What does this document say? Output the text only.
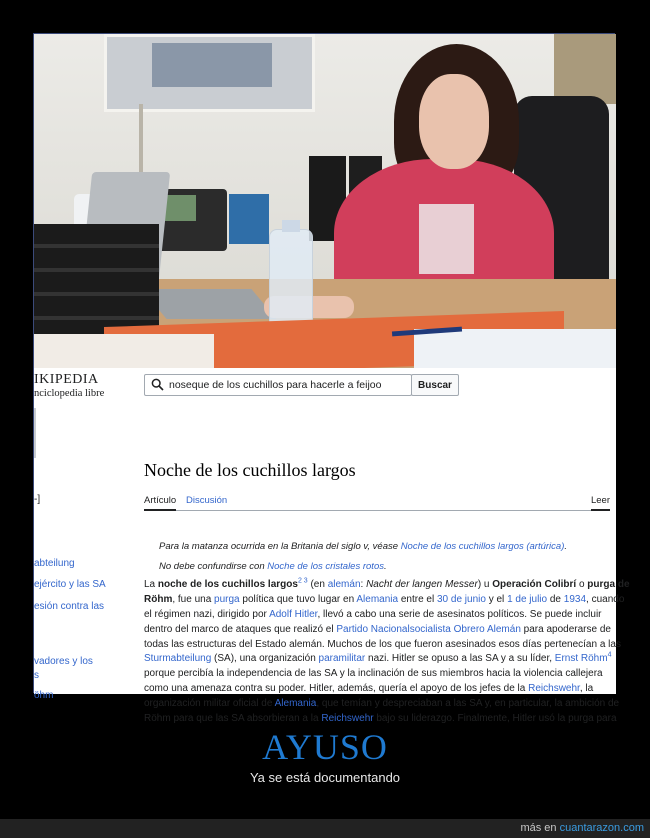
IKIPEDIA
nciclopedia libre
noseque de los cuchillos para hacerle a feijoo
Buscar
-]
abteilung
ejército y las SA
esión contra las
vadores y los
s
öhm
Noche de los cuchillos largos
Artículo Discusión	Leer
Para la matanza ocurrida en la Britania del siglo v, véase Noche de los cuchillos largos (artúrica).
No debe confundirse con Noche de los cristales rotos.
La noche de los cuchillos largos$^{2 3}$ (en alemán: Nacht der langen Messer) u Operación Colibrí o purga de
Röhm, fue una purga política que tuvo lugar en Alemania entre el 30 de junio y el 1 de julio de 1934, cuando
el régimen nazi, dirigido por Adolf Hitler, llevó a cabo una serie de asesinatos políticos. Se puede incluir
dentro del marco de ataques que realizó el Partido Nacionalsocialista Obrero Alemán para apoderarse de
todas las estructuras del Estado alemán. Muchos de los que fueron asesinados esos días pertenecían a las
Sturmabteilung (SA), una organización paramilitar nazi. Hitler se opuso a las SA y a su líder, Ernst Röhm$^4$
porque percibía la independencia de las SA y la inclinación de sus miembros hacia la violencia callejera
como una amenaza contra su poder. Hitler, además, quería el apoyo de los jefes de la Reichswehr, la
organización militar oficial de Alemania, que temían y despreciaban a las SA y, en particular, la ambición de
Röhm para que las SA absorbieran a la Reichswehr bajo su liderazgo. Finalmente, Hitler usó la purga para
AYUSO
Ya se está documentando
más en cuantarazon.com
